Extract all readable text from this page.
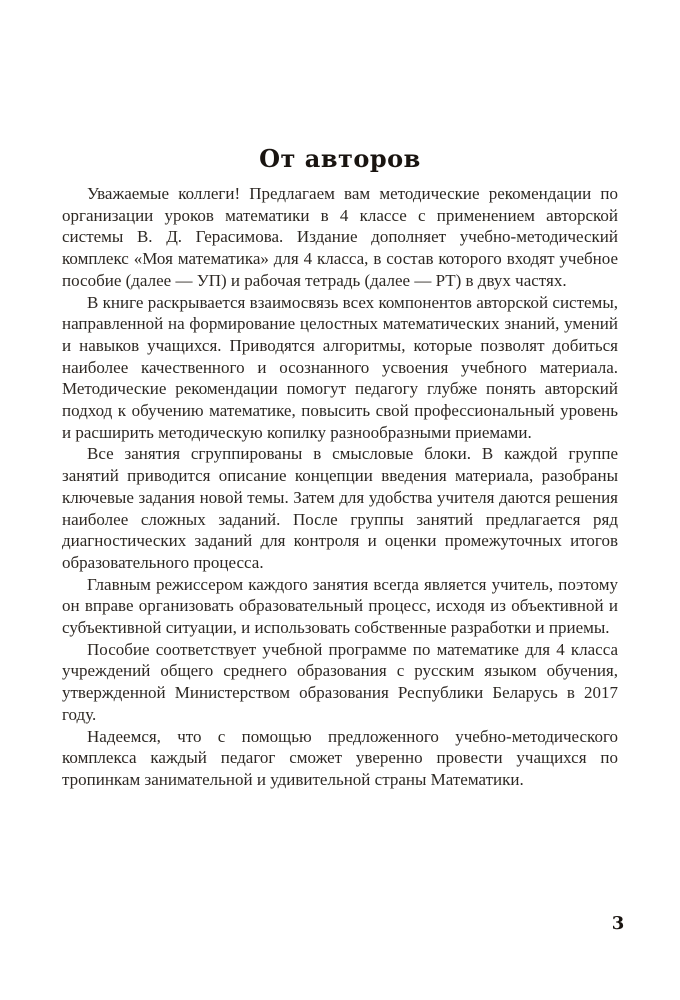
От авторов

Уважаемые коллеги! Предлагаем вам методические рекомендации по организации уроков математики в 4 классе с применением авторской системы В. Д. Герасимова. Издание дополняет учебно-методический комплекс «Моя математика» для 4 класса, в состав которого входят учебное пособие (далее — УП) и рабочая тетрадь (далее — РТ) в двух частях.

В книге раскрывается взаимосвязь всех компонентов авторской системы, направленной на формирование целостных математических знаний, умений и навыков учащихся. Приводятся алгоритмы, которые позволят добиться наиболее качественного и осознанного усвоения учебного материала. Методические рекомендации помогут педагогу глубже понять авторский подход к обучению математике, повысить свой профессиональный уровень и расширить методическую копилку разнообразными приемами.

Все занятия сгруппированы в смысловые блоки. В каждой группе занятий приводится описание концепции введения материала, разобраны ключевые задания новой темы. Затем для удобства учителя даются решения наиболее сложных заданий. После группы занятий предлагается ряд диагностических заданий для контроля и оценки промежуточных итогов образовательного процесса.

Главным режиссером каждого занятия всегда является учитель, поэтому он вправе организовать образовательный процесс, исходя из объективной и субъективной ситуации, и использовать собственные разработки и приемы.

Пособие соответствует учебной программе по математике для 4 класса учреждений общего среднего образования с русским языком обучения, утвержденной Министерством образования Республики Беларусь в 2017 году.

Надеемся, что с помощью предложенного учебно-методического комплекса каждый педагог сможет уверенно провести учащихся по тропинкам занимательной и удивительной страны Математики.

3
